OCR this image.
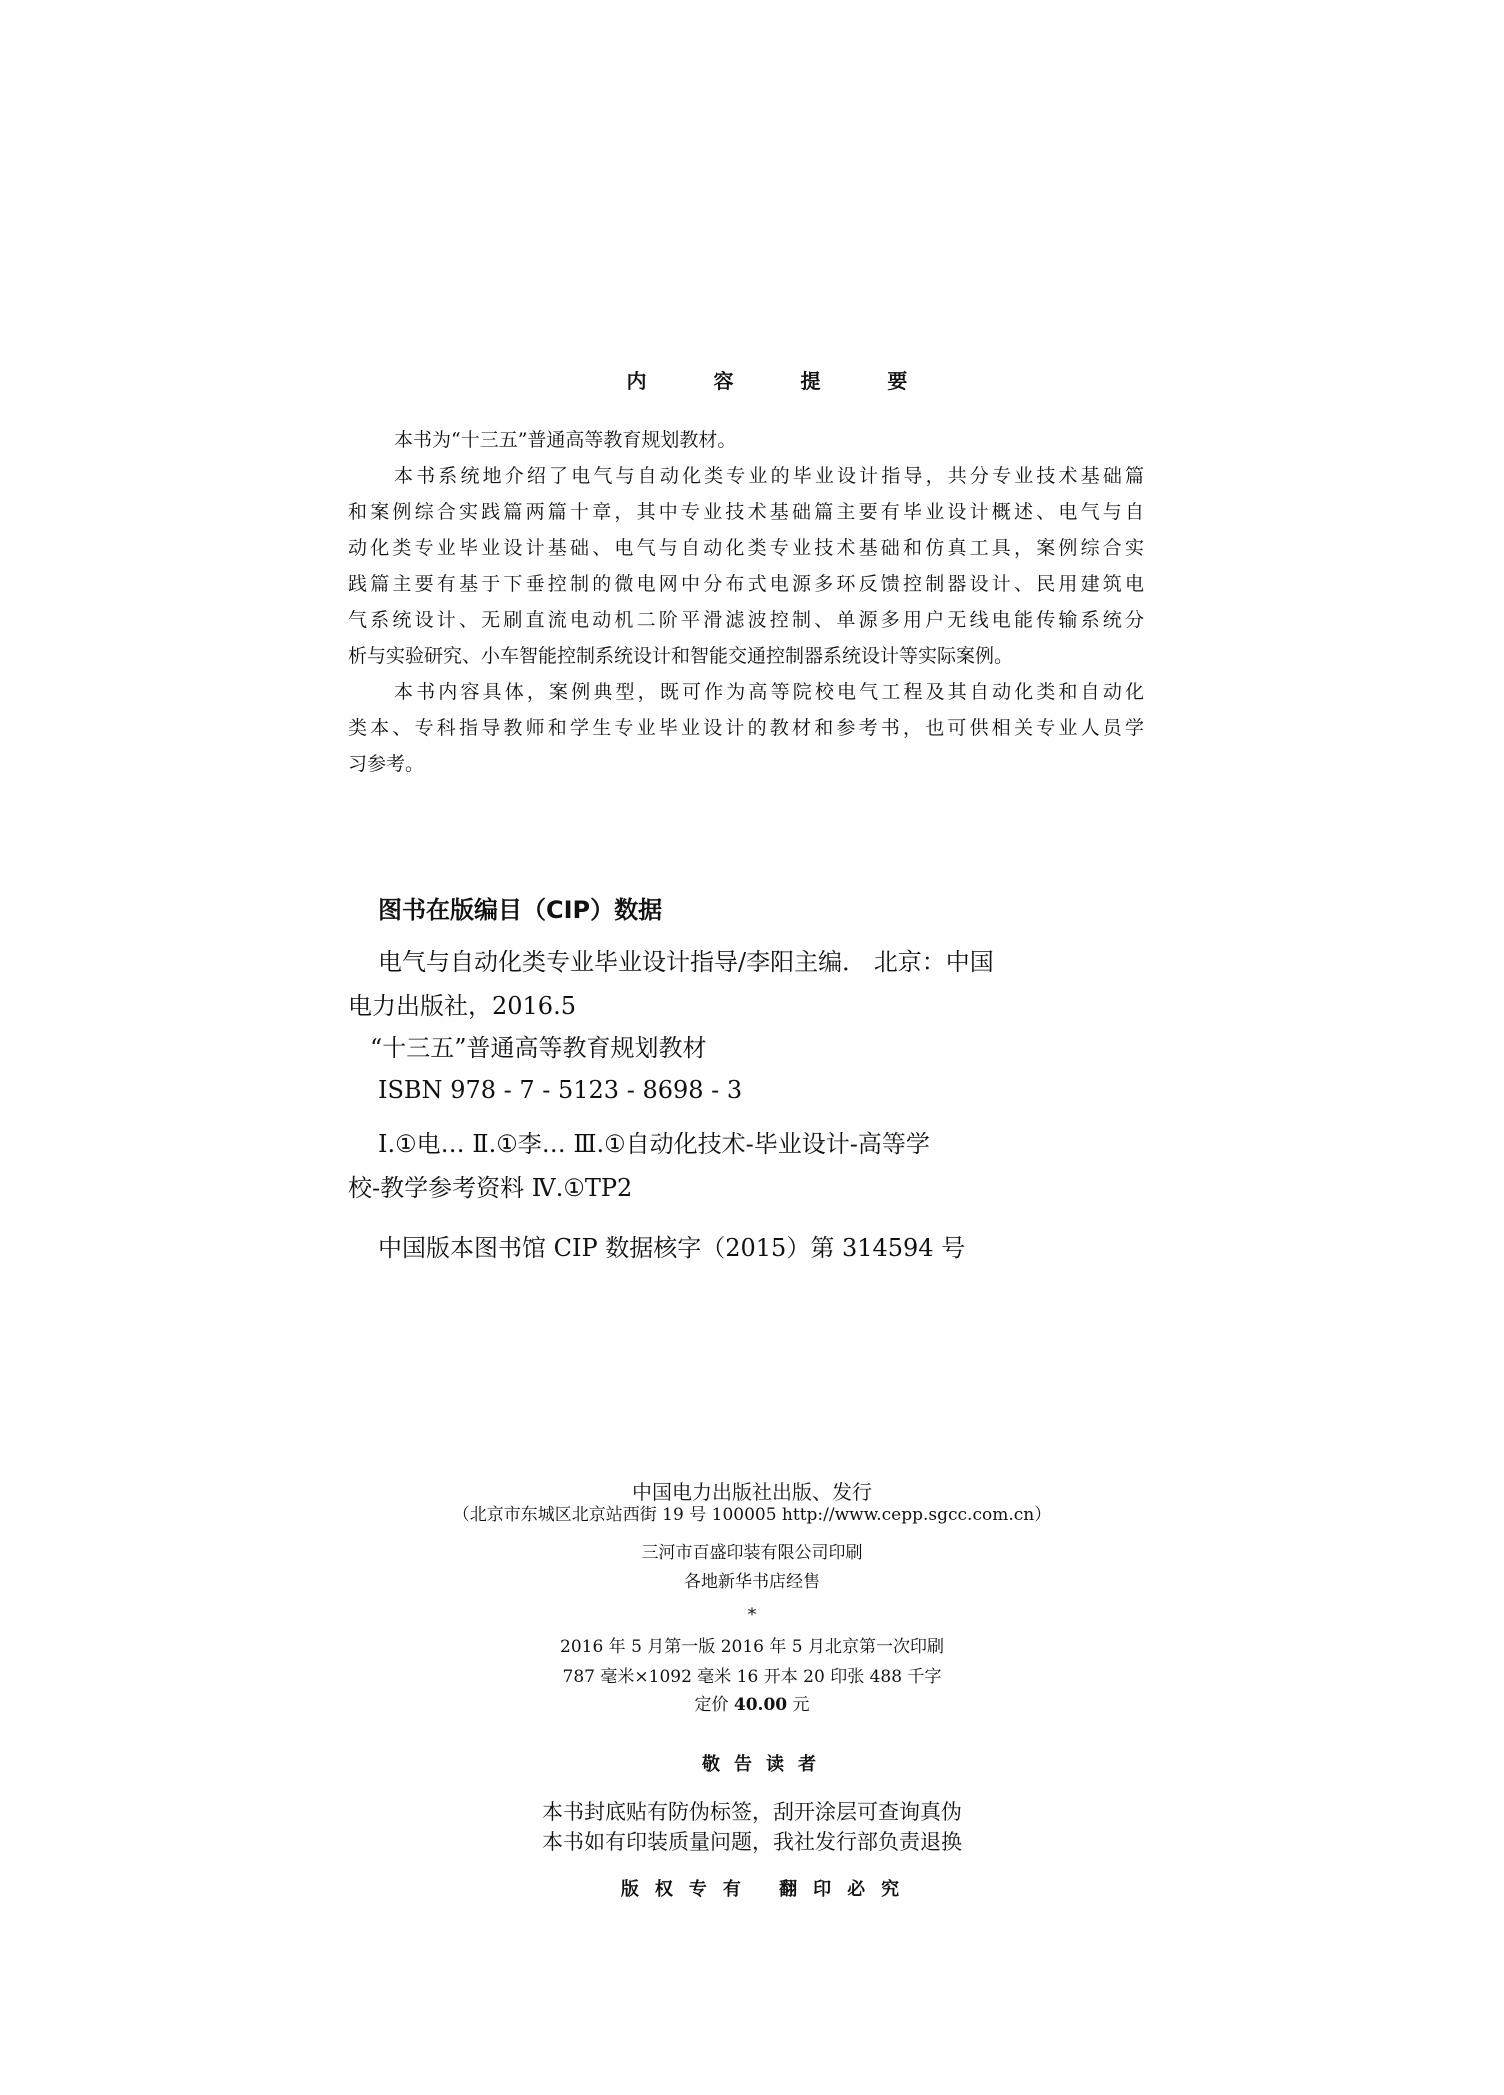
内 容 提 要
本书为“十三五”普通高等教育规划教材。
本书系统地介绍了电气与自动化类专业的毕业设计指导，共分专业技术基础篇
和案例综合实践篇两篇十章，其中专业技术基础篇主要有毕业设计概述、电气与自
动化类专业毕业设计基础、电气与自动化类专业技术基础和仿真工具，案例综合实
践篇主要有基于下垂控制的微电网中分布式电源多环反馈控制器设计、民用建筑电
气系统设计、无刷直流电动机二阶平滑滤波控制、单源多用户无线电能传输系统分
析与实验研究、小车智能控制系统设计和智能交通控制器系统设计等实际案例。
本书内容具体，案例典型，既可作为高等院校电气工程及其自动化类和自动化
类本、专科指导教师和学生专业毕业设计的教材和参考书，也可供相关专业人员学
习参考。
图书在版编目（CIP）数据
电气与自动化类专业毕业设计指导/李阳主编． 北京：中国
电力出版社，2016.5
“十三五”普通高等教育规划教材
ISBN 978 - 7 - 5123 - 8698 - 3
Ⅰ.①电… Ⅱ.①李… Ⅲ.①自动化技术-毕业设计-高等学
校-教学参考资料 Ⅳ.①TP2
中国版本图书馆 CIP 数据核字（2015）第 314594 号
中国电力出版社出版、发行
（北京市东城区北京站西街 19 号 100005 http://www.cepp.sgcc.com.cn）
三河市百盛印装有限公司印刷
各地新华书店经售
*
2016 年 5 月第一版 2016 年 5 月北京第一次印刷
787 毫米×1092 毫米 16 开本 20 印张 488 千字
定价 40.00 元
敬告读者
本书封底贴有防伪标签，刮开涂层可查询真伪
本书如有印装质量问题，我社发行部负责退换
版权专有 翻印必究
